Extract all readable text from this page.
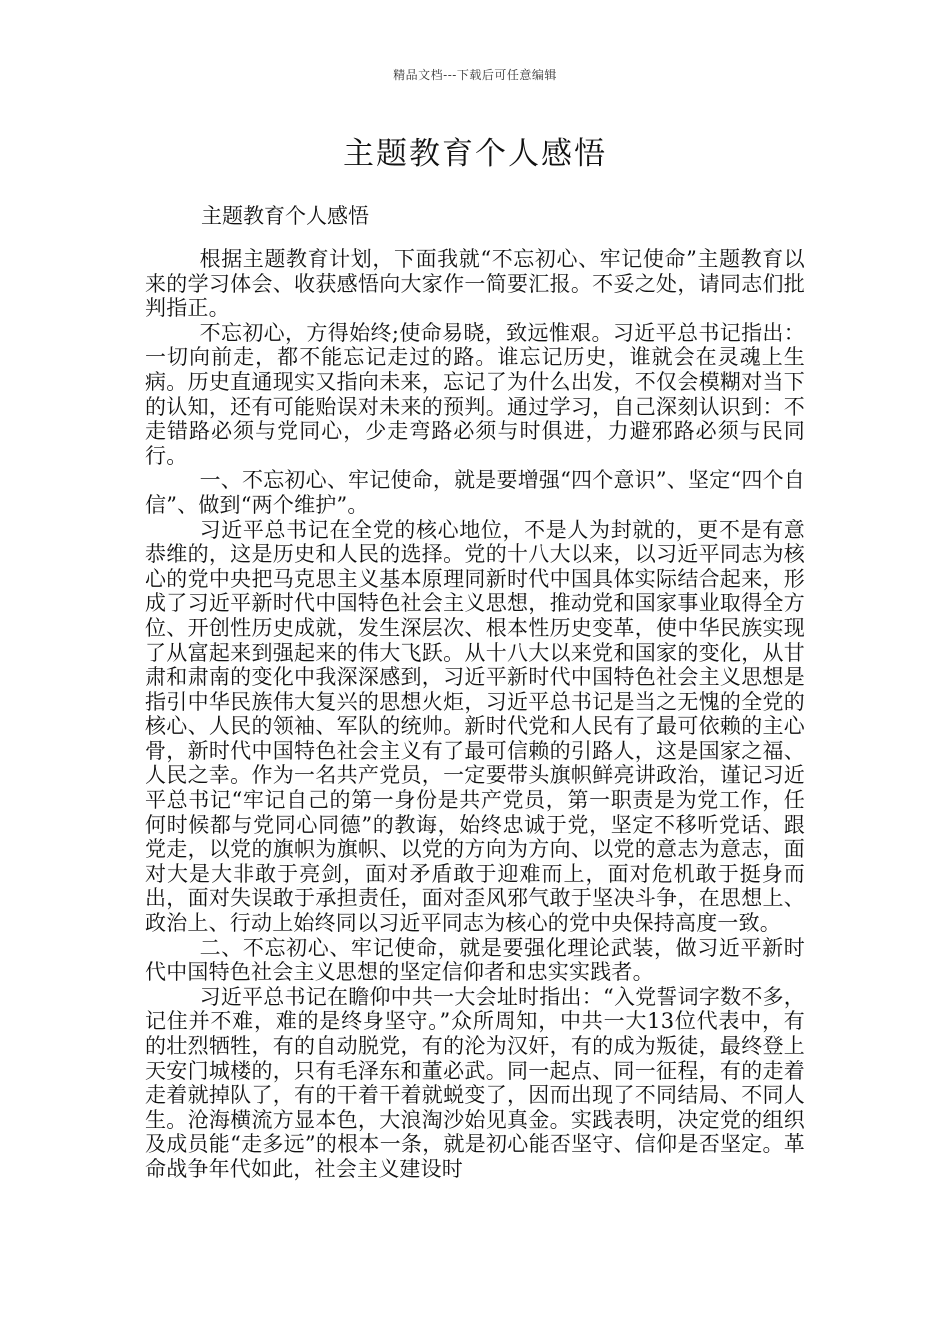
精品文档---下载后可任意编辑
主题教育个人感悟

主题教育个人感悟

根据主题教育计划，下面我就“不忘初心、牢记使命”主题教育以来的学习体会、收获感悟向大家作一简要汇报。不妥之处，请同志们批判指正。

不忘初心，方得始终;使命易晓，致远惟艰。习近平总书记指出：一切向前走，都不能忘记走过的路。谁忘记历史，谁就会在灵魂上生病。历史直通现实又指向未来，忘记了为什么出发，不仅会模糊对当下的认知，还有可能贻误对未来的预判。通过学习，自己深刻认识到：不走错路必须与党同心，少走弯路必须与时俱进，力避邪路必须与民同行。

一、不忘初心、牢记使命，就是要增强“四个意识”、坚定“四个自信”、做到“两个维护”。

习近平总书记在全党的核心地位，不是人为封就的，更不是有意恭维的，这是历史和人民的选择。党的十八大以来，以习近平同志为核心的党中央把马克思主义基本原理同新时代中国具体实际结合起来，形成了习近平新时代中国特色社会主义思想，推动党和国家事业取得全方位、开创性历史成就，发生深层次、根本性历史变革，使中华民族实现了从富起来到强起来的伟大飞跃。从十八大以来党和国家的变化，从甘肃和肃南的变化中我深深感到，习近平新时代中国特色社会主义思想是指引中华民族伟大复兴的思想火炬，习近平总书记是当之无愧的全党的核心、人民的领袖、军队的统帅。新时代党和人民有了最可依赖的主心骨，新时代中国特色社会主义有了最可信赖的引路人，这是国家之福、人民之幸。作为一名共产党员，一定要带头旗帜鲜亮讲政治，谨记习近平总书记“牢记自己的第一身份是共产党员，第一职责是为党工作，任何时候都与党同心同德”的教诲，始终忠诚于党，坚定不移听党话、跟党走，以党的旗帜为旗帜、以党的方向为方向、以党的意志为意志，面对大是大非敢于亮剑，面对矛盾敢于迎难而上，面对危机敢于挺身而出，面对失误敢于承担责任，面对歪风邪气敢于坚决斗争，在思想上、政治上、行动上始终同以习近平同志为核心的党中央保持高度一致。

二、不忘初心、牢记使命，就是要强化理论武装，做习近平新时代中国特色社会主义思想的坚定信仰者和忠实实践者。

习近平总书记在瞻仰中共一大会址时指出：“入党誓词字数不多，记住并不难，难的是终身坚守。”众所周知，中共一大13位代表中，有的壮烈牺牲，有的自动脱党，有的沦为汉奸，有的成为叛徒，最终登上天安门城楼的，只有毛泽东和董必武。同一起点、同一征程，有的走着走着就掉队了，有的干着干着就蜕变了，因而出现了不同结局、不同人生。沧海横流方显本色，大浪淘沙始见真金。实践表明，决定党的组织及成员能“走多远”的根本一条，就是初心能否坚守、信仰是否坚定。革命战争年代如此，社会主义建设时
